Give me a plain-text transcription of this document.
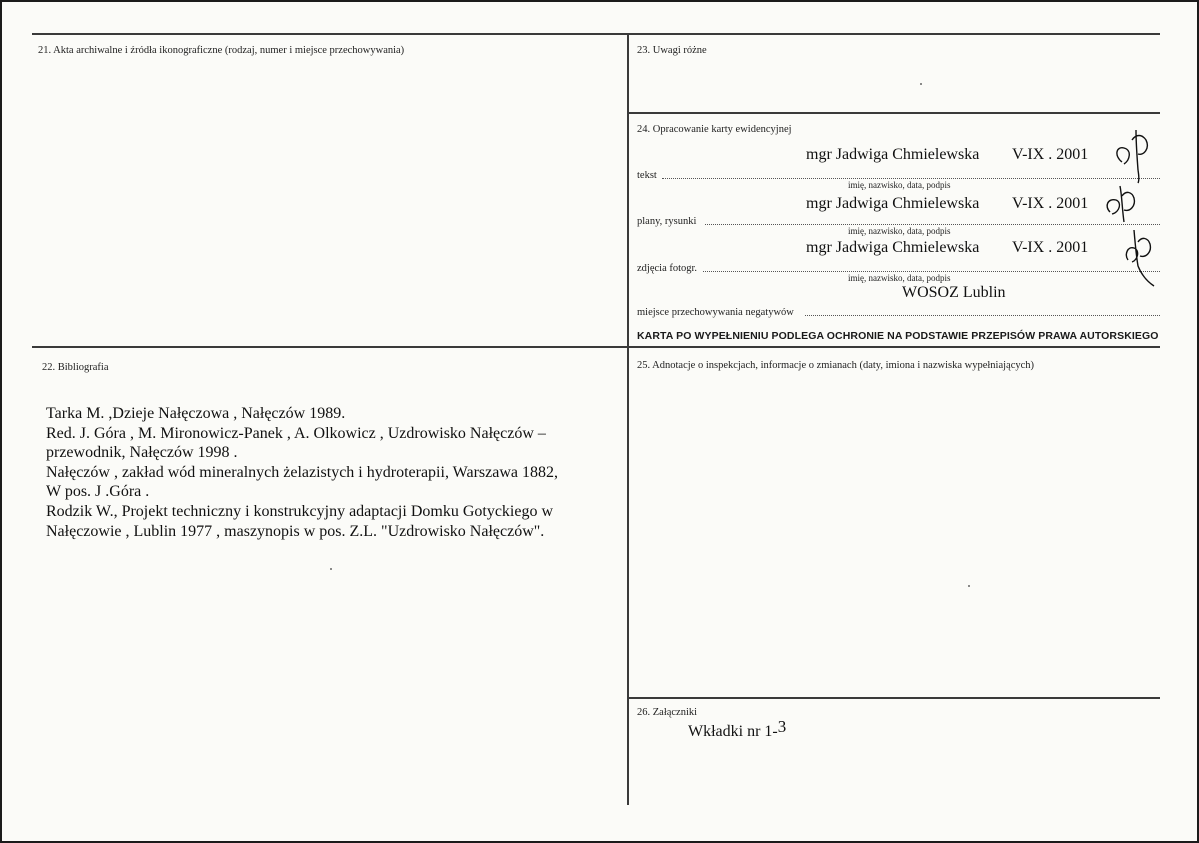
21. Akta archiwalne i źródła ikonograficzne (rodzaj, numer i miejsce przechowywania)	23. Uwagi różne
24. Opracowanie karty ewidencyjnej
22. Bibliografia	25. Adnotacje o inspekcjach, informacje o zmianach (daty, imiona i nazwiska wypełniających)
26. Załączniki
mgr Jadwiga Chmielewska V-IX . 2001
tekst
imię, nazwisko, data, podpis
mgr Jadwiga Chmielewska V-IX . 2001
plany, rysunki
imię, nazwisko, data, podpis
mgr Jadwiga Chmielewska V-IX . 2001
zdjęcia fotogr.
imię, nazwisko, data, podpis
WOSOZ Lublin
miejsce przechowywania negatywów
KARTA PO WYPEŁNIENIU PODLEGA OCHRONIE NA PODSTAWIE PRZEPISÓW PRAWA AUTORSKIEGO
Tarka M. ,Dzieje Nałęczowa , Nałęczów 1989.
Red. J. Góra , M. Mironowicz-Panek , A. Olkowicz , Uzdrowisko Nałęczów –
przewodnik, Nałęczów 1998 .
Nałęczów , zakład wód mineralnych żelazistych i hydroterapii, Warszawa 1882,
W pos. J .Góra .
Rodzik W., Projekt techniczny i konstrukcyjny adaptacji Domku Gotyckiego w
Nałęczowie , Lublin 1977 , maszynopis w pos. Z.L. "Uzdrowisko Nałęczów".
Wkładki nr 1-3
